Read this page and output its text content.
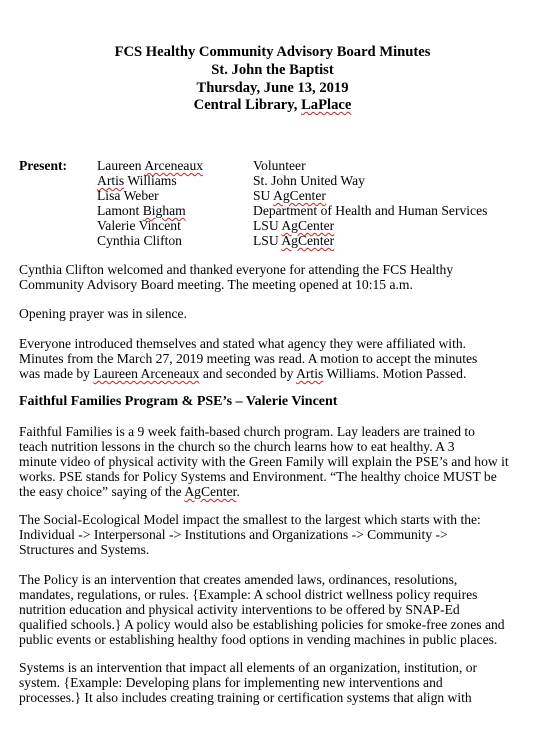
FCS Healthy Community Advisory Board Minutes
St. John the Baptist
Thursday, June 13, 2019
Central Library, LaPlace
Present: Laureen Arceneaux
Artis Williams
Lisa Weber
Lamont Bigham
Valerie Vincent
Cynthia Clifton
Volunteer
St. John United Way
SU AgCenter
Department of Health and Human Services
LSU AgCenter
LSU AgCenter
Cynthia Clifton welcomed and thanked everyone for attending the FCS Healthy
Community Advisory Board meeting. The meeting opened at 10:15 a.m.
Opening prayer was in silence.
Everyone introduced themselves and stated what agency they were affiliated with.
Minutes from the March 27, 2019 meeting was read. A motion to accept the minutes
was made by Laureen Arceneaux and seconded by Artis Williams. Motion Passed.
Faithful Families Program & PSE’s – Valerie Vincent
Faithful Families is a 9 week faith-based church program. Lay leaders are trained to
teach nutrition lessons in the church so the church learns how to eat healthy. A 3
minute video of physical activity with the Green Family will explain the PSE’s and how it
works. PSE stands for Policy Systems and Environment. “The healthy choice MUST be
the easy choice” saying of the AgCenter.
The Social-Ecological Model impact the smallest to the largest which starts with the:
Individual -> Interpersonal -> Institutions and Organizations -> Community ->
Structures and Systems.
The Policy is an intervention that creates amended laws, ordinances, resolutions,
mandates, regulations, or rules. {Example: A school district wellness policy requires
nutrition education and physical activity interventions to be offered by SNAP-Ed
qualified schools.} A policy would also be establishing policies for smoke-free zones and
public events or establishing healthy food options in vending machines in public places.
Systems is an intervention that impact all elements of an organization, institution, or
system. {Example: Developing plans for implementing new interventions and
processes.} It also includes creating training or certification systems that align with
